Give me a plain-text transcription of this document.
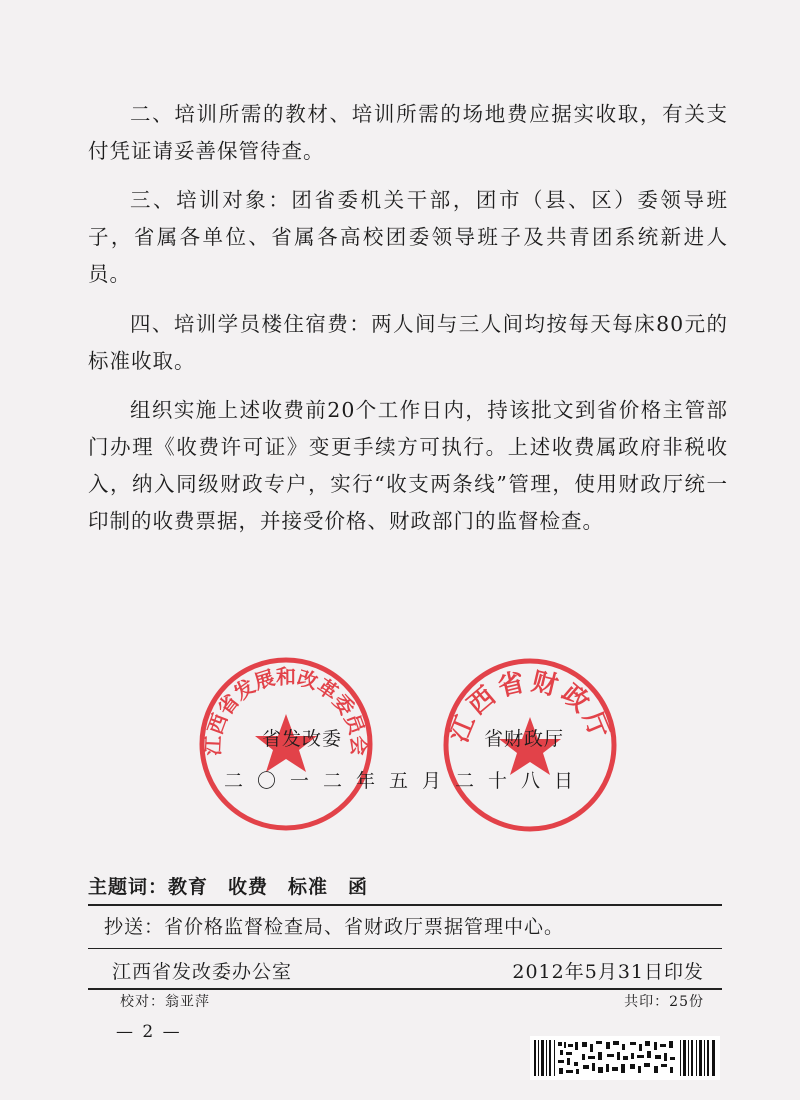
二、培训所需的教材、培训所需的场地费应据实收取，有关支付凭证请妥善保管待查。

三、培训对象：团省委机关干部，团市（县、区）委领导班子，省属各单位、省属各高校团委领导班子及共青团系统新进人员。

四、培训学员楼住宿费：两人间与三人间均按每天每床80元的标准收取。

组织实施上述收费前20个工作日内，持该批文到省价格主管部门办理《收费许可证》变更手续方可执行。上述收费属政府非税收入，纳入同级财政专户，实行“收支两条线”管理，使用财政厅统一印制的收费票据，并接受价格、财政部门的监督检查。

江西省发展和改革委员会	江西省财政厅
省发改委	省财政厅
二〇一二年五月二十八日
主题词：教育　收费　标准　函
抄送：省价格监督检查局、省财政厅票据管理中心。
江西省发改委办公室	2012年5月31日印发
校对：翁亚萍	共印：25份
— 2 —
